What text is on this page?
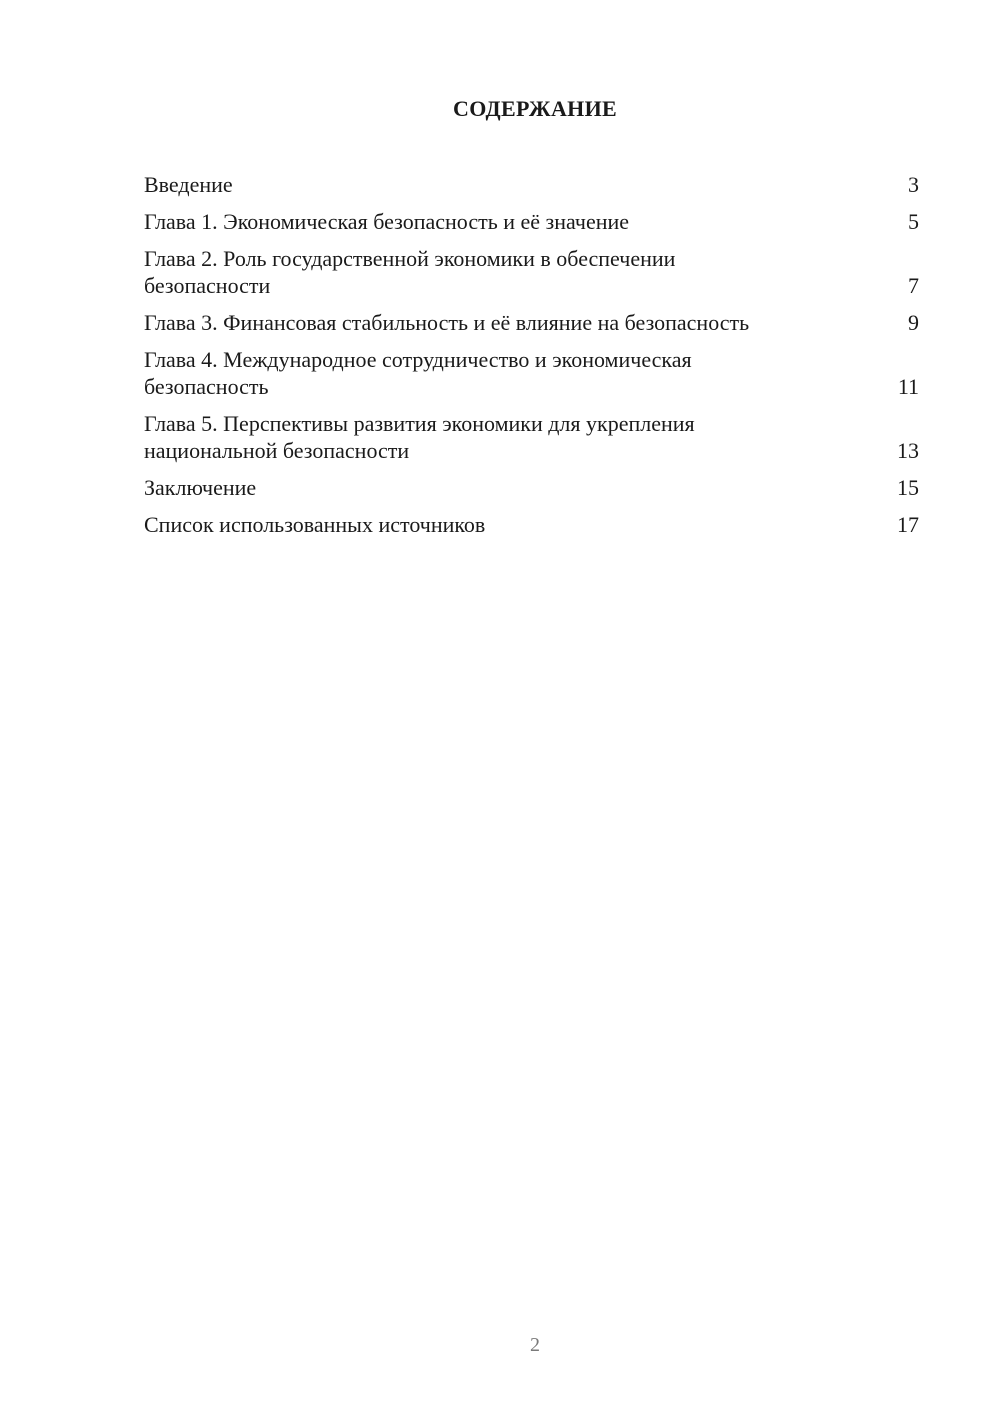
СОДЕРЖАНИЕ
Введение	3
Глава 1. Экономическая безопасность и её значение	5
Глава 2. Роль государственной экономики в обеспечении безопасности	7
Глава 3. Финансовая стабильность и её влияние на безопасность	9
Глава 4. Международное сотрудничество и экономическая безопасность	11
Глава 5. Перспективы развития экономики для укрепления национальной безопасности	13
Заключение	15
Список использованных источников	17
2
